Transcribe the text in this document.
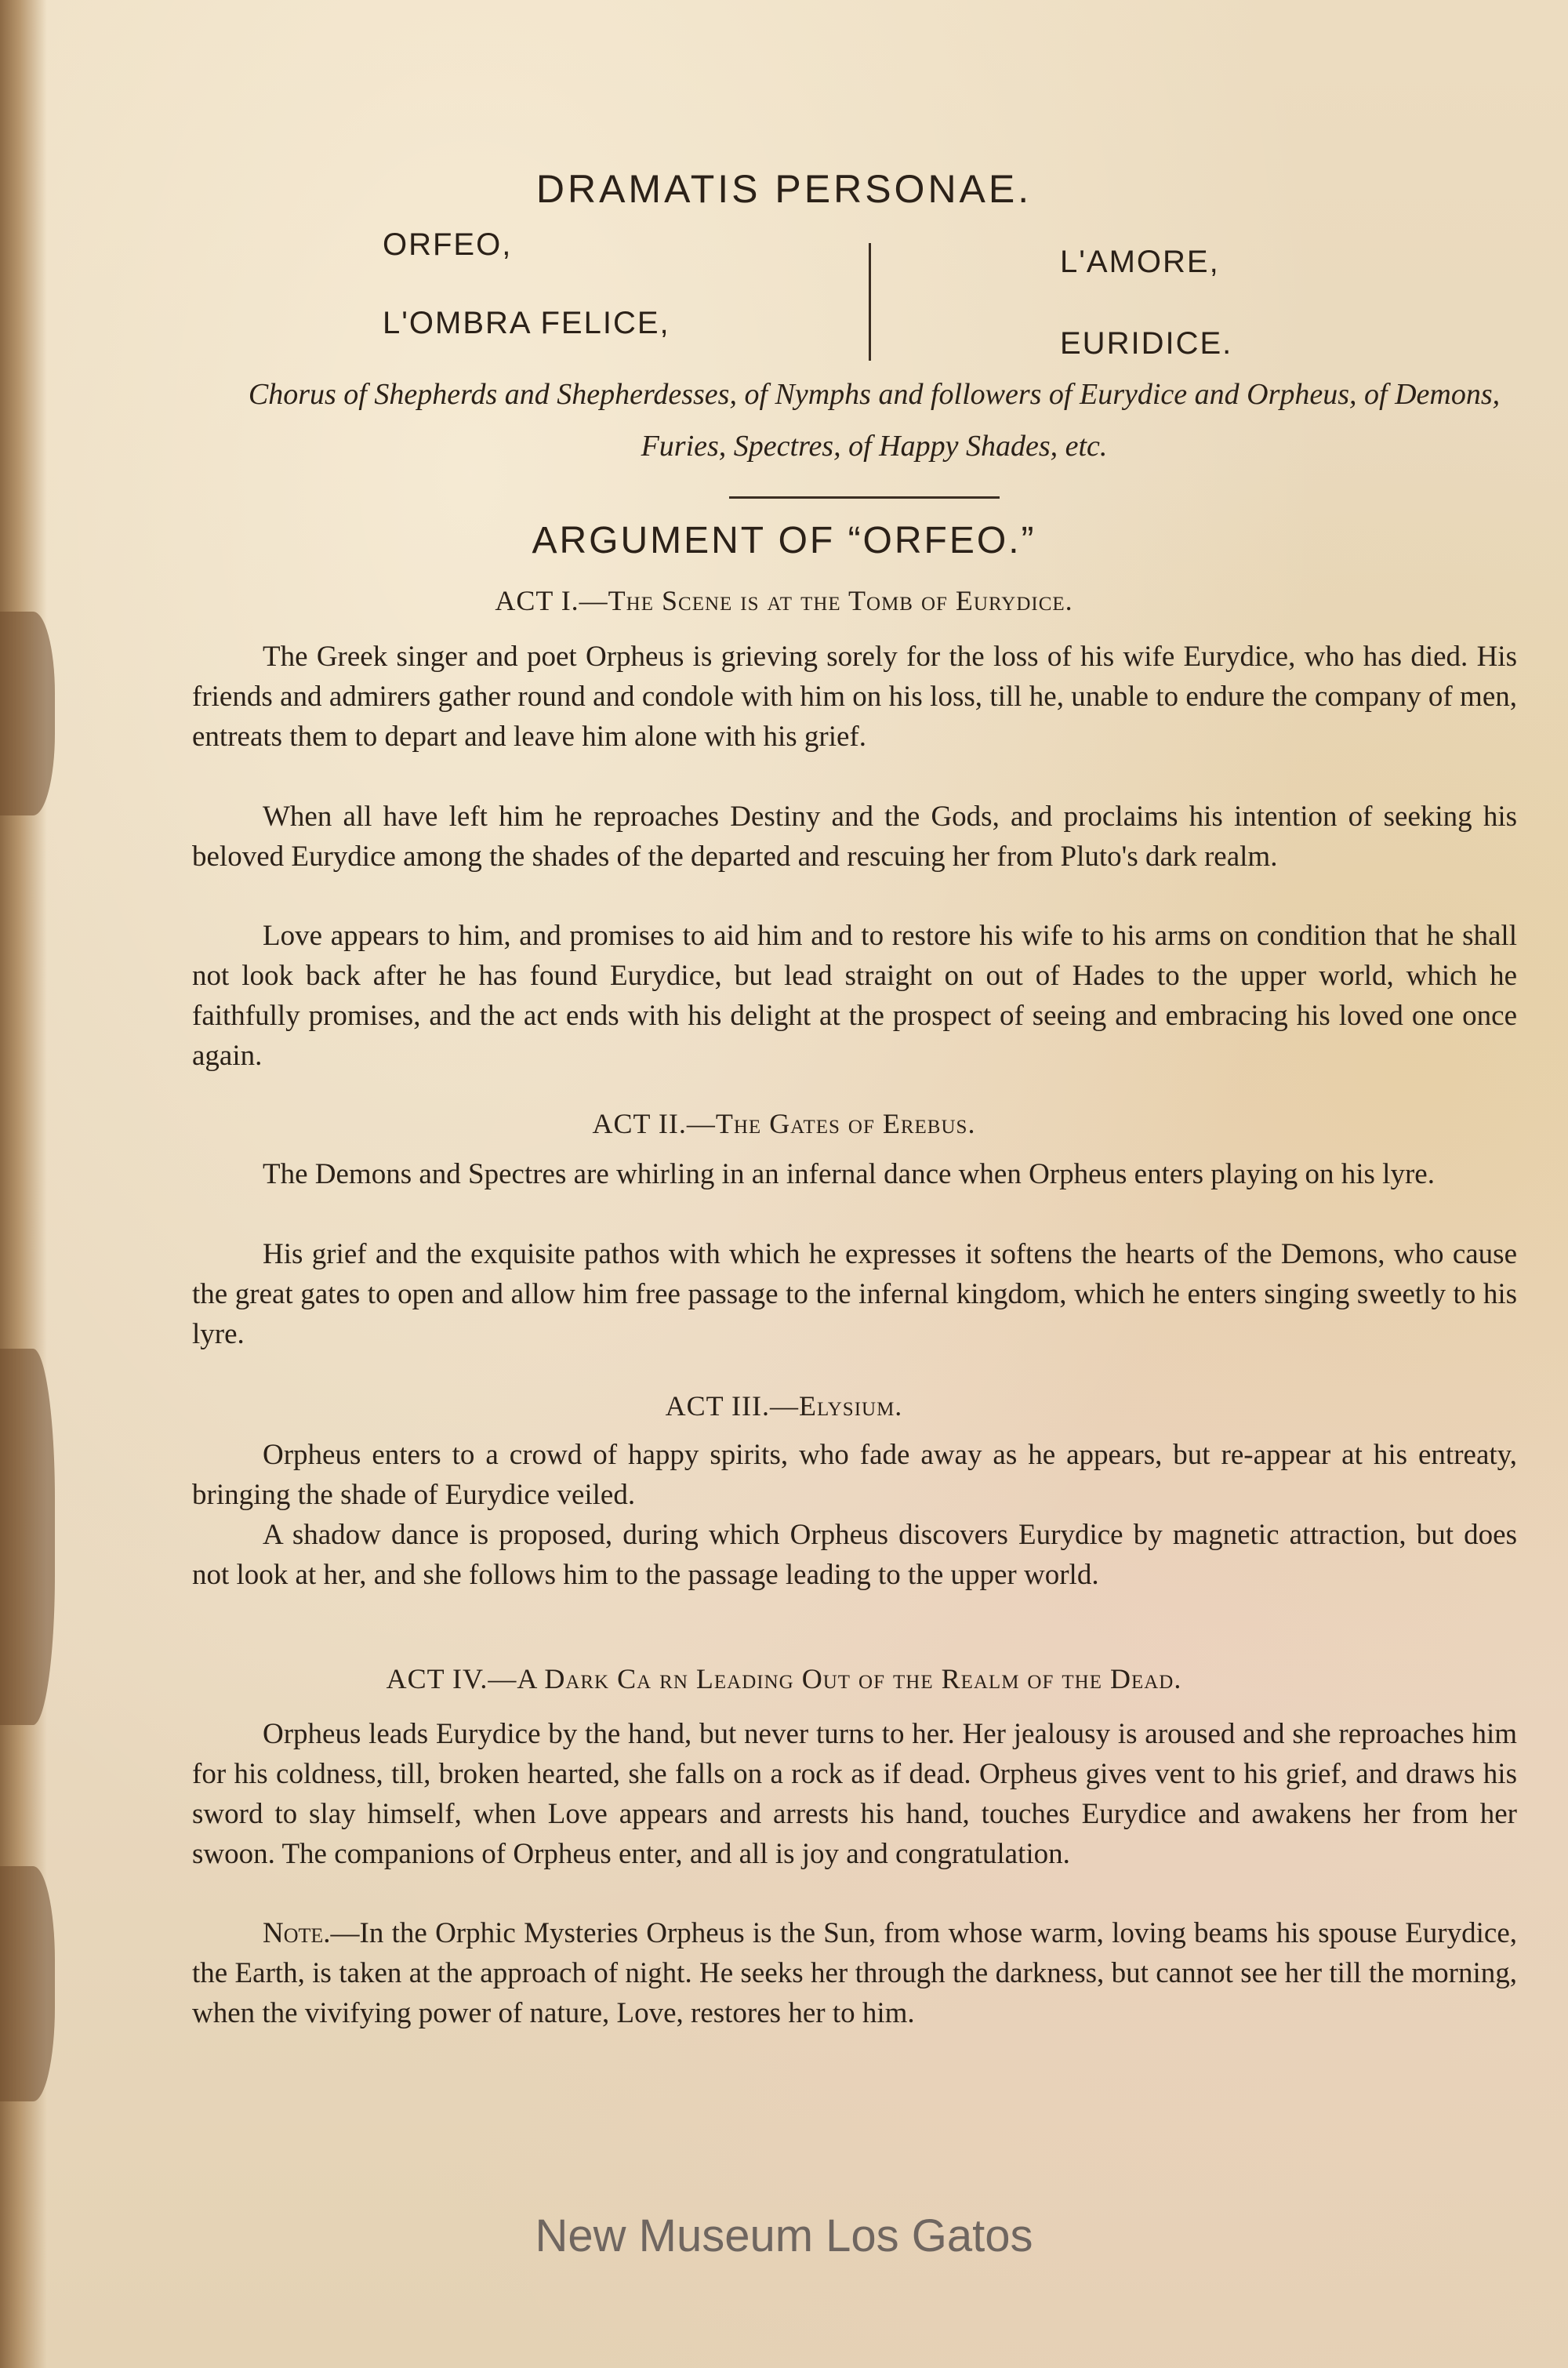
DRAMATIS PERSONAE.
ORFEO,
L'OMBRA FELICE,
L'AMORE,
EURIDICE.
Chorus of Shepherds and Shepherdesses, of Nymphs and followers of Eurydice and Orpheus, of Demons, Furies, Spectres, of Happy Shades, etc.
ARGUMENT OF “ORFEO.”
ACT I.—The Scene is at the Tomb of Eurydice.
The Greek singer and poet Orpheus is grieving sorely for the loss of his wife Eurydice, who has died. His friends and admirers gather round and condole with him on his loss, till he, unable to endure the company of men, entreats them to depart and leave him alone with his grief.
When all have left him he reproaches Destiny and the Gods, and proclaims his intention of seeking his beloved Eurydice among the shades of the departed and rescuing her from Pluto's dark realm.
Love appears to him, and promises to aid him and to restore his wife to his arms on condition that he shall not look back after he has found Eurydice, but lead straight on out of Hades to the upper world, which he faithfully promises, and the act ends with his delight at the prospect of seeing and embracing his loved one once again.
ACT II.—The Gates of Erebus.
The Demons and Spectres are whirling in an infernal dance when Orpheus enters playing on his lyre.
His grief and the exquisite pathos with which he expresses it softens the hearts of the Demons, who cause the great gates to open and allow him free passage to the infernal kingdom, which he enters singing sweetly to his lyre.
ACT III.—Elysium.
Orpheus enters to a crowd of happy spirits, who fade away as he appears, but re-appear at his entreaty, bringing the shade of Eurydice veiled.
A shadow dance is proposed, during which Orpheus discovers Eurydice by magnetic attraction, but does not look at her, and she follows him to the passage leading to the upper world.
ACT IV.—A Dark Ca rn Leading Out of the Realm of the Dead.
Orpheus leads Eurydice by the hand, but never turns to her. Her jealousy is aroused and she reproaches him for his coldness, till, broken hearted, she falls on a rock as if dead. Orpheus gives vent to his grief, and draws his sword to slay himself, when Love appears and arrests his hand, touches Eurydice and awakens her from her swoon. The companions of Orpheus enter, and all is joy and congratulation.
Note.—In the Orphic Mysteries Orpheus is the Sun, from whose warm, loving beams his spouse Eurydice, the Earth, is taken at the approach of night. He seeks her through the darkness, but cannot see her till the morning, when the vivifying power of nature, Love, restores her to him.
New Museum Los Gatos
